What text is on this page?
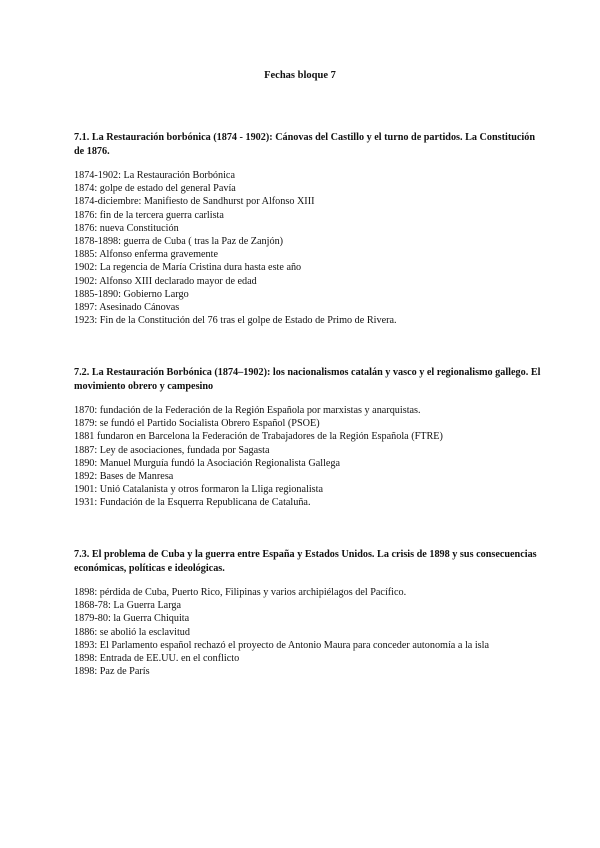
Fechas bloque 7
7.1. La Restauración borbónica (1874 - 1902): Cánovas del Castillo y el turno de partidos. La Constitución de 1876.
1874-1902: La Restauración Borbónica
1874: golpe de estado del general Pavía
1874-diciembre: Manifiesto de Sandhurst por Alfonso XIII
1876: fin de la tercera guerra carlista
1876: nueva Constitución
1878-1898: guerra de Cuba ( tras la Paz de Zanjón)
1885: Alfonso enferma gravemente
1902: La regencia de María Cristina dura hasta este año
1902: Alfonso XIII declarado mayor de edad
1885-1890: Gobierno Largo
1897: Asesinado Cánovas
1923: Fin de la Constitución del 76 tras el golpe de Estado de Primo de Rivera.
7.2. La Restauración Borbónica (1874–1902): los nacionalismos catalán y vasco y el regionalismo gallego. El movimiento obrero y campesino
1870: fundación de la Federación de la Región Española por marxistas y anarquistas.
1879: se fundó el Partido Socialista Obrero Español (PSOE)
1881 fundaron en Barcelona la Federación de Trabajadores de la Región Española (FTRE)
1887: Ley de asociaciones, fundada por Sagasta
1890: Manuel Murguía fundó la Asociación Regionalista Gallega
1892: Bases de Manresa
1901: Unió Catalanista y otros formaron la Lliga regionalista
1931: Fundación de la Esquerra Republicana de Cataluña.
7.3. El problema de Cuba y la guerra entre España y Estados Unidos. La crisis de 1898 y sus consecuencias económicas, políticas e ideológicas.
1898: pérdida de Cuba, Puerto Rico, Filipinas y varios archipiélagos del Pacífico.
1868-78: La Guerra Larga
1879-80: la Guerra Chiquita
1886: se abolió la esclavitud
1893: El Parlamento español rechazó el proyecto de Antonio Maura para conceder autonomía a la isla
1898: Entrada de EE.UU. en el conflicto
1898: Paz de París
